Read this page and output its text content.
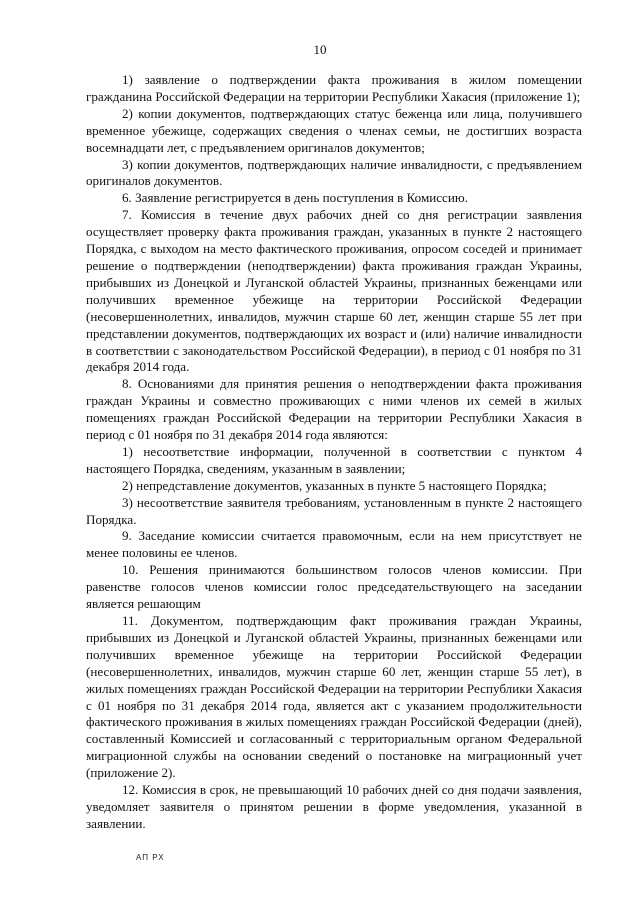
10

1) заявление о подтверждении факта проживания в жилом помещении гражданина Российской Федерации на территории Республики Хакасия (приложение 1);

2) копии документов, подтверждающих статус беженца или лица, получившего временное убежище, содержащих сведения о членах семьи, не достигших возраста восемнадцати лет, с предъявлением оригиналов документов;

3) копии документов, подтверждающих наличие инвалидности, с предъявлением оригиналов документов.

6. Заявление регистрируется в день поступления в Комиссию.

7. Комиссия в течение двух рабочих дней со дня регистрации заявления осуществляет проверку факта проживания граждан, указанных в пункте 2 настоящего Порядка, с выходом на место фактического проживания, опросом соседей и принимает решение о подтверждении (неподтверждении) факта проживания граждан Украины, прибывших из Донецкой и Луганской областей Украины, признанных беженцами или получивших временное убежище на территории Российской Федерации (несовершеннолетних, инвалидов, мужчин старше 60 лет, женщин старше 55 лет при представлении документов, подтверждающих их возраст и (или) наличие инвалидности в соответствии с законодательством Российской Федерации), в период с 01 ноября по 31 декабря 2014 года.

8. Основаниями для принятия решения о неподтверждении факта проживания граждан Украины и совместно проживающих с ними членов их семей в жилых помещениях граждан Российской Федерации на территории Республики Хакасия в период с 01 ноября по 31 декабря 2014 года являются:

1) несоответствие информации, полученной в соответствии с пунктом 4 настоящего Порядка, сведениям, указанным в заявлении;

2) непредставление документов, указанных в пункте 5 настоящего Порядка;

3) несоответствие заявителя требованиям, установленным в пункте 2 настоящего Порядка.

9. Заседание комиссии считается правомочным, если на нем присутствует не менее половины ее членов.

10. Решения принимаются большинством голосов членов комиссии. При равенстве голосов членов комиссии голос председательствующего на заседании является решающим

11. Документом, подтверждающим факт проживания граждан Украины, прибывших из Донецкой и Луганской областей Украины, признанных беженцами или получивших временное убежище на территории Российской Федерации (несовершеннолетних, инвалидов, мужчин старше 60 лет, женщин старше 55 лет), в жилых помещениях граждан Российской Федерации на территории Республики Хакасия с 01 ноября по 31 декабря 2014 года, является акт с указанием продолжительности фактического проживания в жилых помещениях граждан Российской Федерации (дней), составленный Комиссией и согласованный с территориальным органом Федеральной миграционной службы на основании сведений о постановке на миграционный учет (приложение 2).

12. Комиссия в срок, не превышающий 10 рабочих дней со дня подачи заявления, уведомляет заявителя о принятом решении в форме уведомления, указанной в заявлении.

АП РХ
